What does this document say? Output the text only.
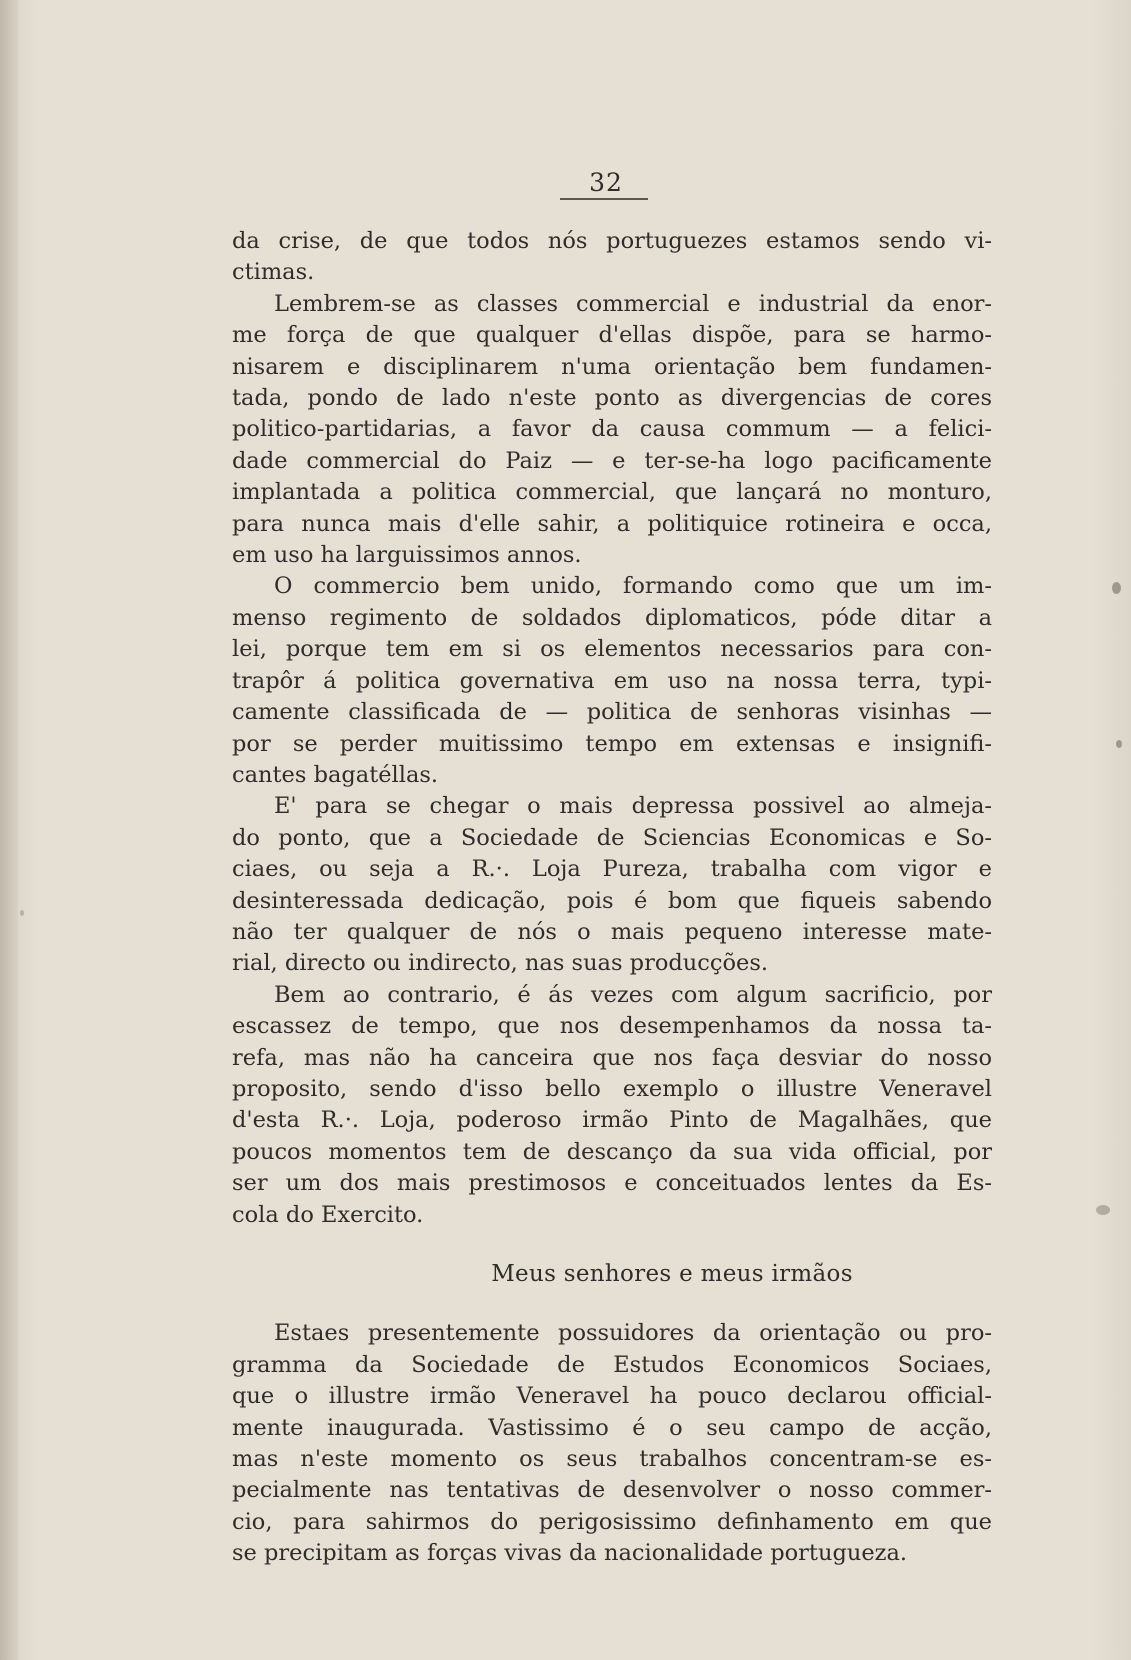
32

da crise, de que todos nós portuguezes estamos sendo vi-
ctimas.

Lembrem-se as classes commercial e industrial da enor-
me força de que qualquer d'ellas dispõe, para se harmo-
nisarem e disciplinarem n'uma orientação bem fundamen-
tada, pondo de lado n'este ponto as divergencias de cores
politico-partidarias, a favor da causa commum — a felici-
dade commercial do Paiz — e ter-se-ha logo pacificamente
implantada a politica commercial, que lançará no monturo,
para nunca mais d'elle sahir, a politiquice rotineira e occa,
em uso ha larguissimos annos.

O commercio bem unido, formando como que um im-
menso regimento de soldados diplomaticos, póde ditar a
lei, porque tem em si os elementos necessarios para con-
trapôr á politica governativa em uso na nossa terra, typi-
camente classificada de — politica de senhoras visinhas —
por se perder muitissimo tempo em extensas e insignifi-
cantes bagatéllas.

E' para se chegar o mais depressa possivel ao almeja-
do ponto, que a Sociedade de Sciencias Economicas e So-
ciaes, ou seja a R.·. Loja Pureza, trabalha com vigor e
desinteressada dedicação, pois é bom que fiqueis sabendo
não ter qualquer de nós o mais pequeno interesse mate-
rial, directo ou indirecto, nas suas producções.

Bem ao contrario, é ás vezes com algum sacrificio, por
escassez de tempo, que nos desempenhamos da nossa ta-
refa, mas não ha canceira que nos faça desviar do nosso
proposito, sendo d'isso bello exemplo o illustre Veneravel
d'esta R.·. Loja, poderoso irmão Pinto de Magalhães, que
poucos momentos tem de descanço da sua vida official, por
ser um dos mais prestimosos e conceituados lentes da Es-
cola do Exercito.

Meus senhores e meus irmãos

Estaes presentemente possuidores da orientação ou pro-
gramma da Sociedade de Estudos Economicos Sociaes,
que o illustre irmão Veneravel ha pouco declarou official-
mente inaugurada. Vastissimo é o seu campo de acção,
mas n'este momento os seus trabalhos concentram-se es-
pecialmente nas tentativas de desenvolver o nosso commer-
cio, para sahirmos do perigosissimo definhamento em que
se precipitam as forças vivas da nacionalidade portugueza.
